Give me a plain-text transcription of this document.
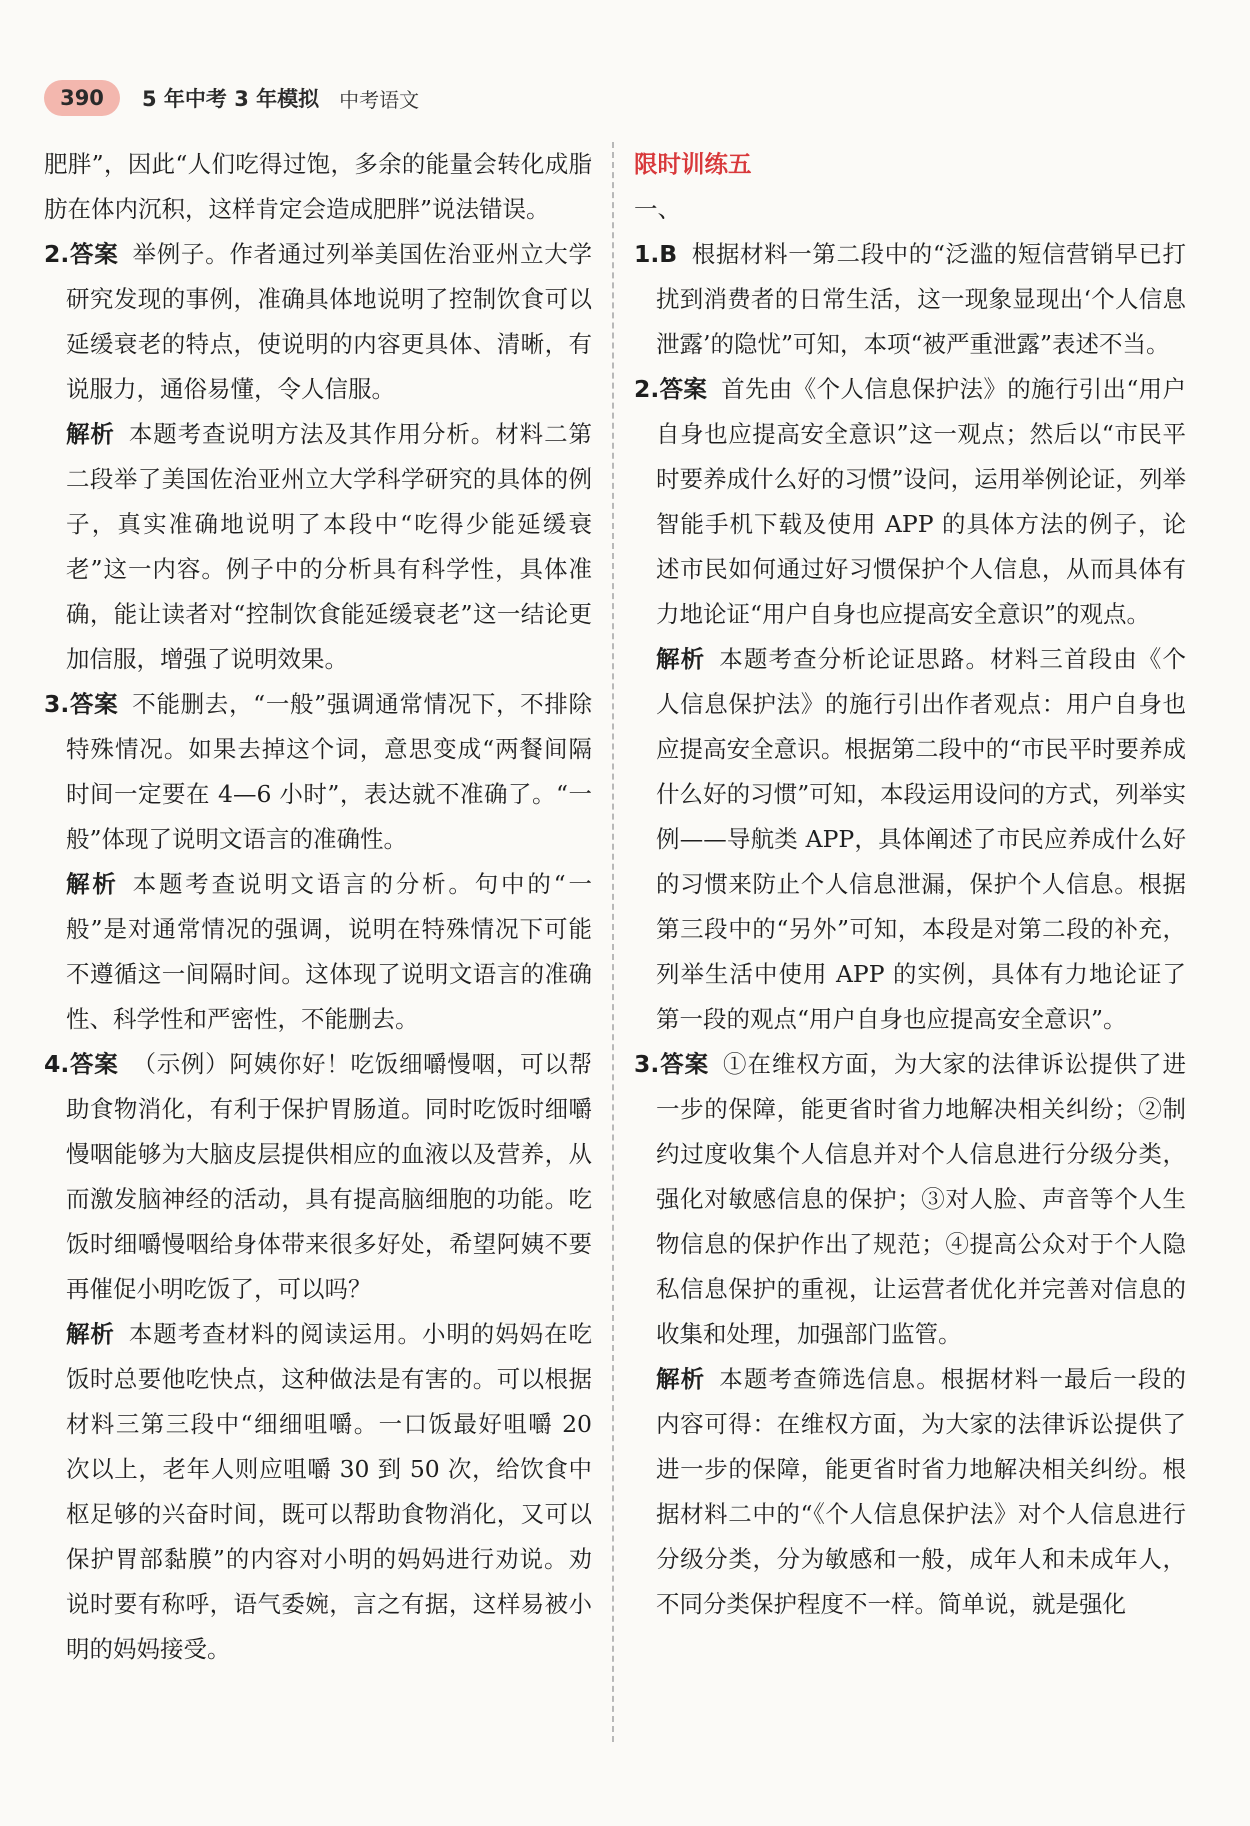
390	5 年中考 3 年模拟 中考语文

肥胖”，因此“人们吃得过饱，多余的能量会转化成脂肪在体内沉积，这样肯定会造成肥胖”说法错误。

2.答案 举例子。作者通过列举美国佐治亚州立大学研究发现的事例，准确具体地说明了控制饮食可以延缓衰老的特点，使说明的内容更具体、清晰，有说服力，通俗易懂，令人信服。

解析 本题考查说明方法及其作用分析。材料二第二段举了美国佐治亚州立大学科学研究的具体的例子，真实准确地说明了本段中“吃得少能延缓衰老”这一内容。例子中的分析具有科学性，具体准确，能让读者对“控制饮食能延缓衰老”这一结论更加信服，增强了说明效果。

3.答案 不能删去，“一般”强调通常情况下，不排除特殊情况。如果去掉这个词，意思变成“两餐间隔时间一定要在 4—6 小时”，表达就不准确了。“一般”体现了说明文语言的准确性。

解析 本题考查说明文语言的分析。句中的“一般”是对通常情况的强调，说明在特殊情况下可能不遵循这一间隔时间。这体现了说明文语言的准确性、科学性和严密性，不能删去。

4.答案 （示例）阿姨你好！吃饭细嚼慢咽，可以帮助食物消化，有利于保护胃肠道。同时吃饭时细嚼慢咽能够为大脑皮层提供相应的血液以及营养，从而激发脑神经的活动，具有提高脑细胞的功能。吃饭时细嚼慢咽给身体带来很多好处，希望阿姨不要再催促小明吃饭了，可以吗？

解析 本题考查材料的阅读运用。小明的妈妈在吃饭时总要他吃快点，这种做法是有害的。可以根据材料三第三段中“细细咀嚼。一口饭最好咀嚼 20 次以上，老年人则应咀嚼 30 到 50 次，给饮食中枢足够的兴奋时间，既可以帮助食物消化，又可以保护胃部黏膜”的内容对小明的妈妈进行劝说。劝说时要有称呼，语气委婉，言之有据，这样易被小明的妈妈接受。

限时训练五

一、

1.B 根据材料一第二段中的“泛滥的短信营销早已打扰到消费者的日常生活，这一现象显现出‘个人信息泄露’的隐忧”可知，本项“被严重泄露”表述不当。

2.答案 首先由《个人信息保护法》的施行引出“用户自身也应提高安全意识”这一观点；然后以“市民平时要养成什么好的习惯”设问，运用举例论证，列举智能手机下载及使用 APP 的具体方法的例子，论述市民如何通过好习惯保护个人信息，从而具体有力地论证“用户自身也应提高安全意识”的观点。

解析 本题考查分析论证思路。材料三首段由《个人信息保护法》的施行引出作者观点：用户自身也应提高安全意识。根据第二段中的“市民平时要养成什么好的习惯”可知，本段运用设问的方式，列举实例——导航类 APP，具体阐述了市民应养成什么好的习惯来防止个人信息泄漏，保护个人信息。根据第三段中的“另外”可知，本段是对第二段的补充，列举生活中使用 APP 的实例，具体有力地论证了第一段的观点“用户自身也应提高安全意识”。

3.答案 ①在维权方面，为大家的法律诉讼提供了进一步的保障，能更省时省力地解决相关纠纷；②制约过度收集个人信息并对个人信息进行分级分类，强化对敏感信息的保护；③对人脸、声音等个人生物信息的保护作出了规范；④提高公众对于个人隐私信息保护的重视，让运营者优化并完善对信息的收集和处理，加强部门监管。

解析 本题考查筛选信息。根据材料一最后一段的内容可得：在维权方面，为大家的法律诉讼提供了进一步的保障，能更省时省力地解决相关纠纷。根据材料二中的“《个人信息保护法》对个人信息进行分级分类，分为敏感和一般，成年人和未成年人，不同分类保护程度不一样。简单说，就是强化
